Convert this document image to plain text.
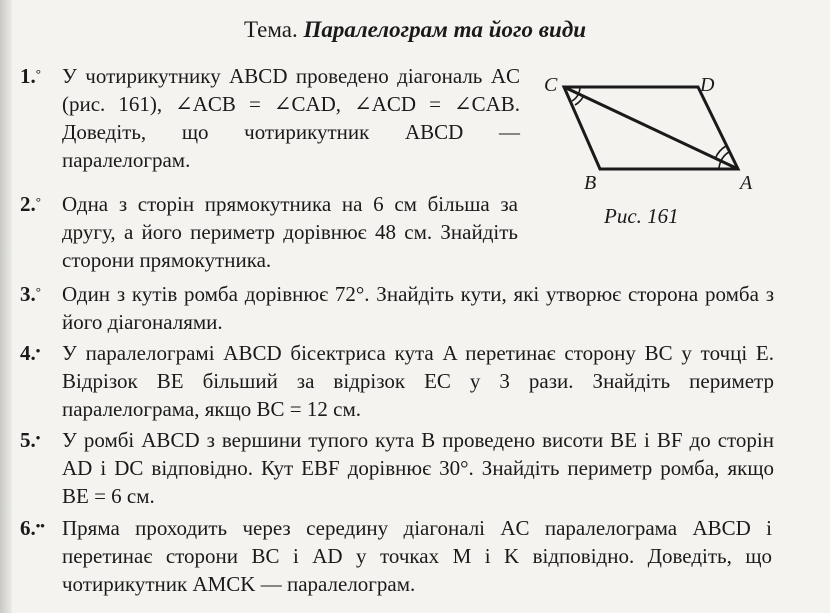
Тема. Паралелограм та його види
1.° У чотирикутнику ABCD проведено діагональ AC (рис. 161), ∠ACB = ∠CAD, ∠ACD = ∠CAB. Доведіть, що чотирикутник ABCD — паралелограм.
C	D
B	A
Рис. 161
2.° Одна з сторін прямокутника на 6 см більша за другу, а його периметр дорівнює 48 см. Знайдіть сторони прямокутника.
3.° Один з кутів ромба дорівнює 72°. Знайдіть кути, які утворює сторона ромба з його діагоналями.
4.• У паралелограмі ABCD бісектриса кута A перетинає сторону BC у точці E. Відрізок BE більший за відрізок EC у 3 рази. Знайдіть периметр паралелограма, якщо BC = 12 см.
5.• У ромбі ABCD з вершини тупого кута B проведено висоти BE і BF до сторін AD і DC відповідно. Кут EBF дорівнює 30°. Знайдіть периметр ромба, якщо BE = 6 см.
6.•• Пряма проходить через середину діагоналі AC паралелограма ABCD і перетинає сторони BC і AD у точках M і K відповідно. Доведіть, що чотирикутник AMCK — паралелограм.
